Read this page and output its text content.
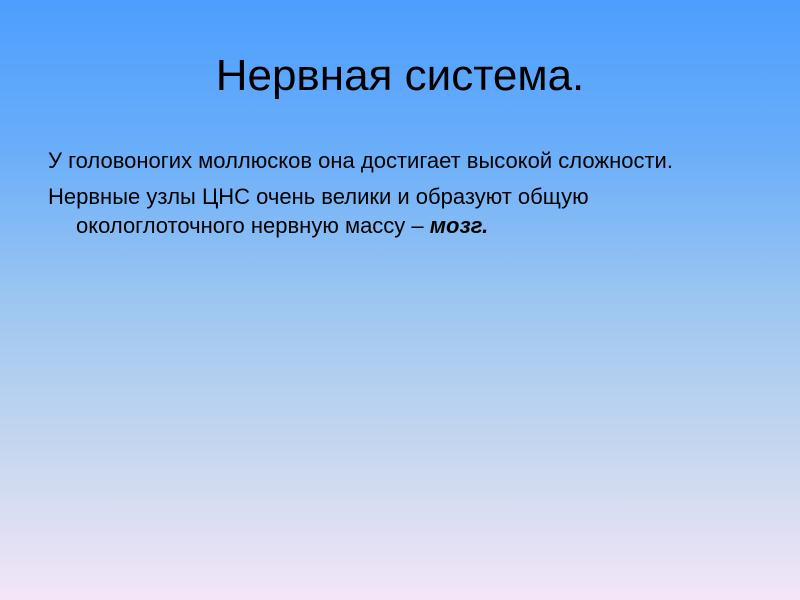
Нервная система.

У головоногих моллюсков она достигает высокой сложности.

Нервные узлы ЦНС очень велики и образуют общую окологлоточного нервную массу – мозг.
